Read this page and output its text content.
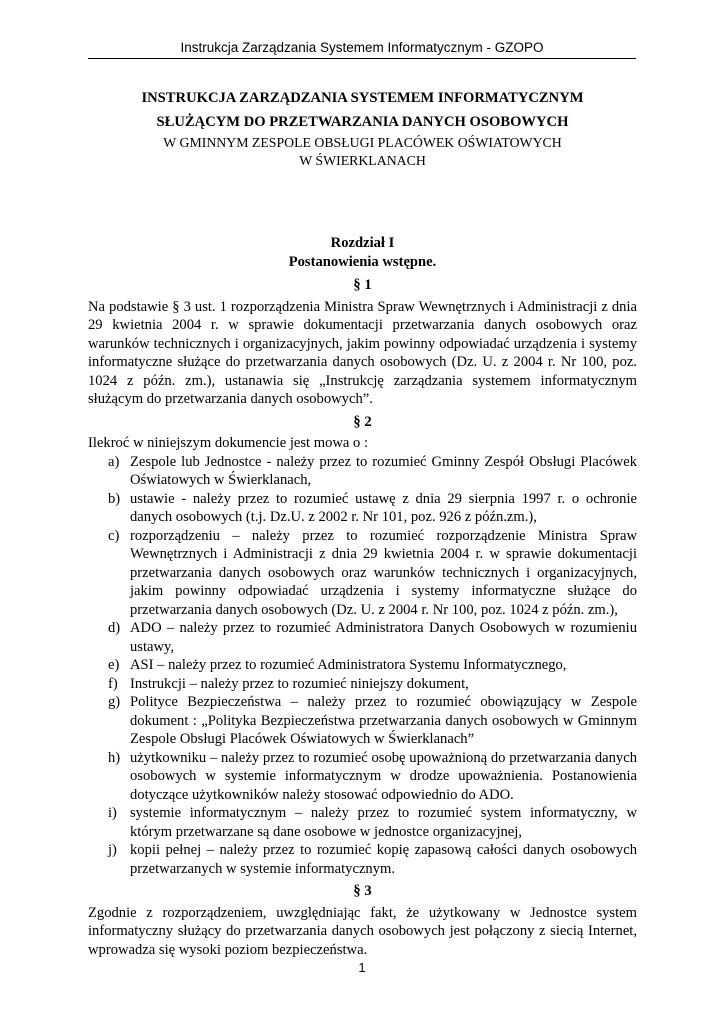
Instrukcja Zarządzania Systemem Informatycznym - GZOPO
INSTRUKCJA ZARZĄDZANIA SYSTEMEM INFORMATYCZNYM
SŁUŻĄCYM DO PRZETWARZANIA DANYCH OSOBOWYCH
W GMINNYM ZESPOLE OBSŁUGI PLACÓWEK OŚWIATOWYCH
W ŚWIERKLANACH
Rozdział I
Postanowienia wstępne.
§ 1
Na podstawie § 3 ust. 1 rozporządzenia Ministra Spraw Wewnętrznych i Administracji z dnia 29 kwietnia 2004 r. w sprawie dokumentacji przetwarzania danych osobowych oraz warunków technicznych i organizacyjnych, jakim powinny odpowiadać urządzenia i systemy informatyczne służące do przetwarzania danych osobowych (Dz. U. z 2004 r. Nr 100, poz. 1024 z późn. zm.), ustanawia się „Instrukcję zarządzania systemem informatycznym służącym do przetwarzania danych osobowych”.
§ 2
Ilekroć w niniejszym dokumencie jest mowa o :
a) Zespole lub Jednostce - należy przez to rozumieć Gminny Zespół Obsługi Placówek Oświatowych w Świerklanach,
b) ustawie - należy przez to rozumieć ustawę z dnia 29 sierpnia 1997 r. o ochronie danych osobowych (t.j. Dz.U. z 2002 r. Nr 101, poz. 926 z późn.zm.),
c) rozporządzeniu – należy przez to rozumieć rozporządzenie Ministra Spraw Wewnętrznych i Administracji z dnia 29 kwietnia 2004 r. w sprawie dokumentacji przetwarzania danych osobowych oraz warunków technicznych i organizacyjnych, jakim powinny odpowiadać urządzenia i systemy informatyczne służące do przetwarzania danych osobowych (Dz. U. z 2004 r. Nr 100, poz. 1024 z późn. zm.),
d) ADO – należy przez to rozumieć Administratora Danych Osobowych w rozumieniu ustawy,
e) ASI – należy przez to rozumieć Administratora Systemu Informatycznego,
f) Instrukcji – należy przez to rozumieć niniejszy dokument,
g) Polityce Bezpieczeństwa – należy przez to rozumieć obowiązujący w Zespole dokument : „Polityka Bezpieczeństwa przetwarzania danych osobowych w Gminnym Zespole Obsługi Placówek Oświatowych w Świerklanach”
h) użytkowniku – należy przez to rozumieć osobę upoważnioną do przetwarzania danych osobowych w systemie informatycznym w drodze upoważnienia. Postanowienia dotyczące użytkowników należy stosować odpowiednio do ADO.
i) systemie informatycznym – należy przez to rozumieć system informatyczny, w którym przetwarzane są dane osobowe w jednostce organizacyjnej,
j) kopii pełnej – należy przez to rozumieć kopię zapasową całości danych osobowych przetwarzanych w systemie informatycznym.
§ 3
Zgodnie z rozporządzeniem, uwzględniając fakt, że użytkowany w Jednostce system informatyczny służący do przetwarzania danych osobowych jest połączony z siecią Internet, wprowadza się wysoki poziom bezpieczeństwa.
1
